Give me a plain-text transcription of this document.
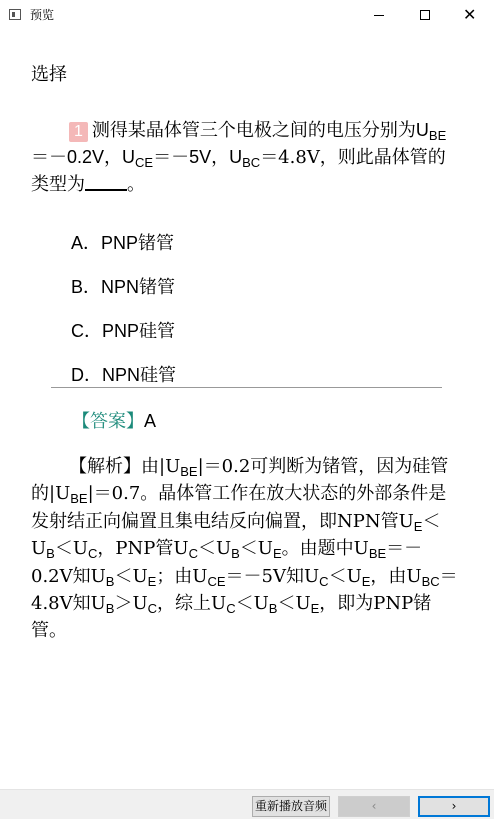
预览	✕
选择
1 测得某晶体管三个电极之间的电压分别为$U_{BE}=-0.2V$，$U_{CE}=-5V$，$U_{BC}=4.8V$，则此晶体管的类型为 。
A．PNP锗管
B．NPN锗管
C．PNP硅管
D．NPN硅管
【答案】A
【解析】由$|U_{BE}|=0.2$可判断为锗管，因为硅管的$|U_{BE}|=0.7$。晶体管工作在放大状态的外部条件是发射结正向偏置且集电结反向偏置，即NPN管$U_E<U_B<U_C$，PNP管$U_C<U_B<U_E$。由题中$U_{BE}=-0.2V$知$U_B<U_E$；由$U_{CE}=-5V$知$U_C<U_E$，由$U_{BC}=4.8V$知$U_B>U_C$，综上$U_C<U_B<U_E$，即为PNP锗管。
重新播放音频	‹	›
